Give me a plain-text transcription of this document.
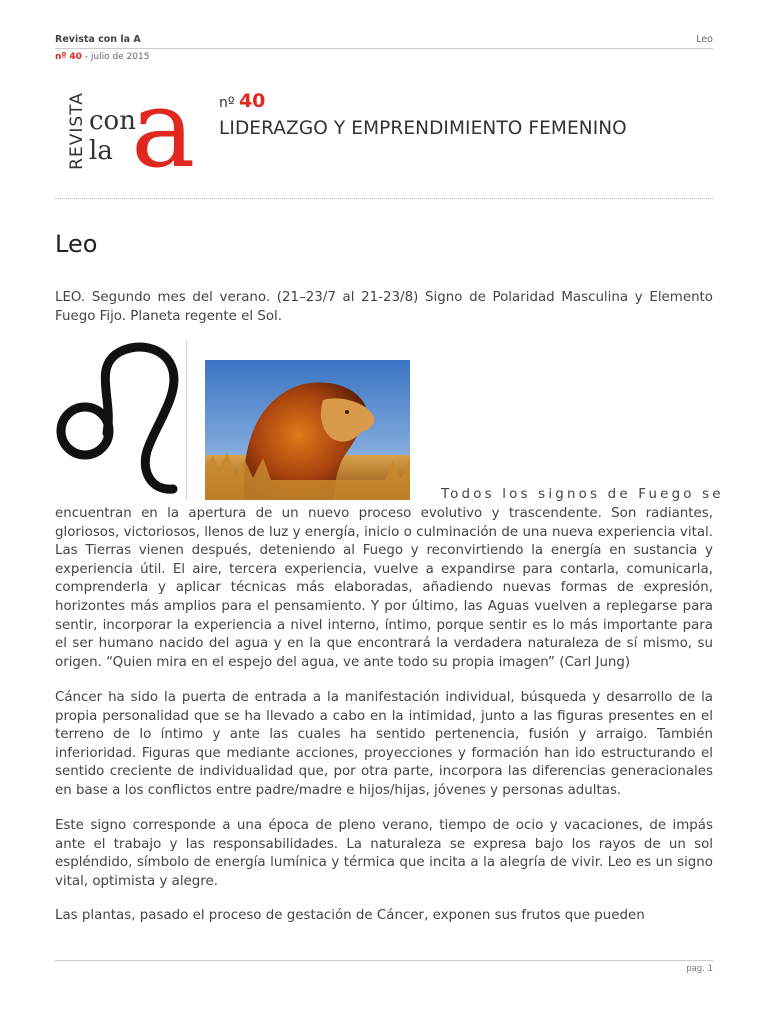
Revista con la A	Leo
nº 40 - julio de 2015
REVISTA con
la a nº 40
LIDERAZGO Y EMPRENDIMIENTO FEMENINO
Leo

LEO. Segundo mes del verano. (21–23/7 al 21-23/8) Signo de Polaridad Masculina y Elemento Fuego Fijo. Planeta regente el Sol.

Todos los signos de Fuego se

encuentran en la apertura de un nuevo proceso evolutivo y trascendente. Son radiantes, gloriosos, victoriosos, llenos de luz y energía, inicio o culminación de una nueva experiencia vital. Las Tierras vienen después, deteniendo al Fuego y reconvirtiendo la energía en sustancia y experiencia útil. El aire, tercera experiencia, vuelve a expandirse para contarla, comunicarla, comprenderla y aplicar técnicas más elaboradas, añadiendo nuevas formas de expresión, horizontes más amplios para el pensamiento. Y por último, las Aguas vuelven a replegarse para sentir, incorporar la experiencia a nivel interno, íntimo, porque sentir es lo más importante para el ser humano nacido del agua y en la que encontrará la verdadera naturaleza de sí mismo, su origen. “Quien mira en el espejo del agua, ve ante todo su propia imagen” (Carl Jung)

Cáncer ha sido la puerta de entrada a la manifestación individual, búsqueda y desarrollo de la propia personalidad que se ha llevado a cabo en la intimidad, junto a las figuras presentes en el terreno de lo íntimo y ante las cuales ha sentido pertenencia, fusión y arraigo. También inferioridad. Figuras que mediante acciones, proyecciones y formación han ido estructurando el sentido creciente de individualidad que, por otra parte, incorpora las diferencias generacionales en base a los conflictos entre padre/madre e hijos/hijas, jóvenes y personas adultas.

Este signo corresponde a una época de pleno verano, tiempo de ocio y vacaciones, de impás ante el trabajo y las responsabilidades. La naturaleza se expresa bajo los rayos de un sol espléndido, símbolo de energía lumínica y térmica que incita a la alegría de vivir. Leo es un signo vital, optimista y alegre.

Las plantas, pasado el proceso de gestación de Cáncer, exponen sus frutos que pueden

pag. 1
